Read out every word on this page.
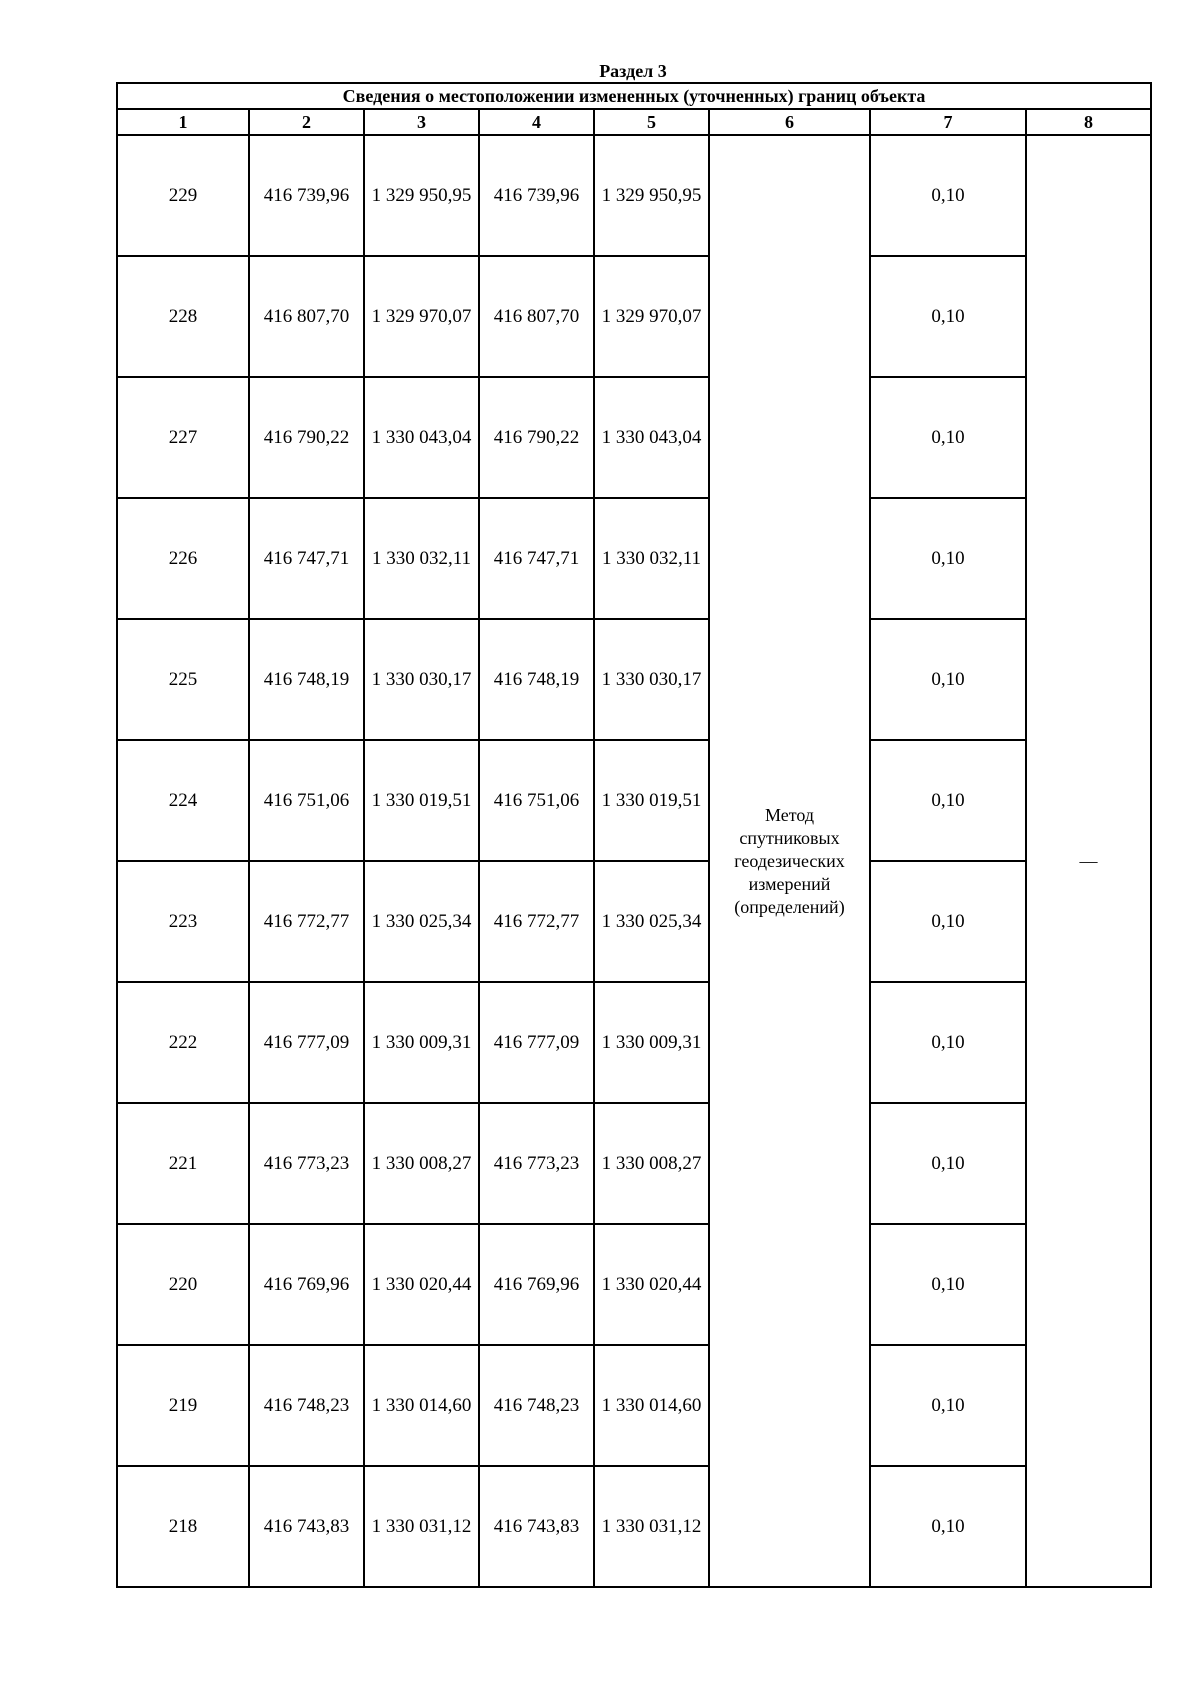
Раздел 3
Сведения о местоположении измененных (уточненных) границ объекта							
1	2	3	4	5	6	7	8
229	416 739,96	1 329 950,95	416 739,96	1 329 950,95	Метод
спутниковых
геодезических
измерений
(определений)	0,10	—
228	416 807,70	1 329 970,07	416 807,70	1 329 970,07		0,10	
227	416 790,22	1 330 043,04	416 790,22	1 330 043,04		0,10	
226	416 747,71	1 330 032,11	416 747,71	1 330 032,11		0,10	
225	416 748,19	1 330 030,17	416 748,19	1 330 030,17		0,10	
224	416 751,06	1 330 019,51	416 751,06	1 330 019,51		0,10	
223	416 772,77	1 330 025,34	416 772,77	1 330 025,34		0,10	
222	416 777,09	1 330 009,31	416 777,09	1 330 009,31		0,10	
221	416 773,23	1 330 008,27	416 773,23	1 330 008,27		0,10	
220	416 769,96	1 330 020,44	416 769,96	1 330 020,44		0,10	
219	416 748,23	1 330 014,60	416 748,23	1 330 014,60		0,10	
218	416 743,83	1 330 031,12	416 743,83	1 330 031,12		0,10	
